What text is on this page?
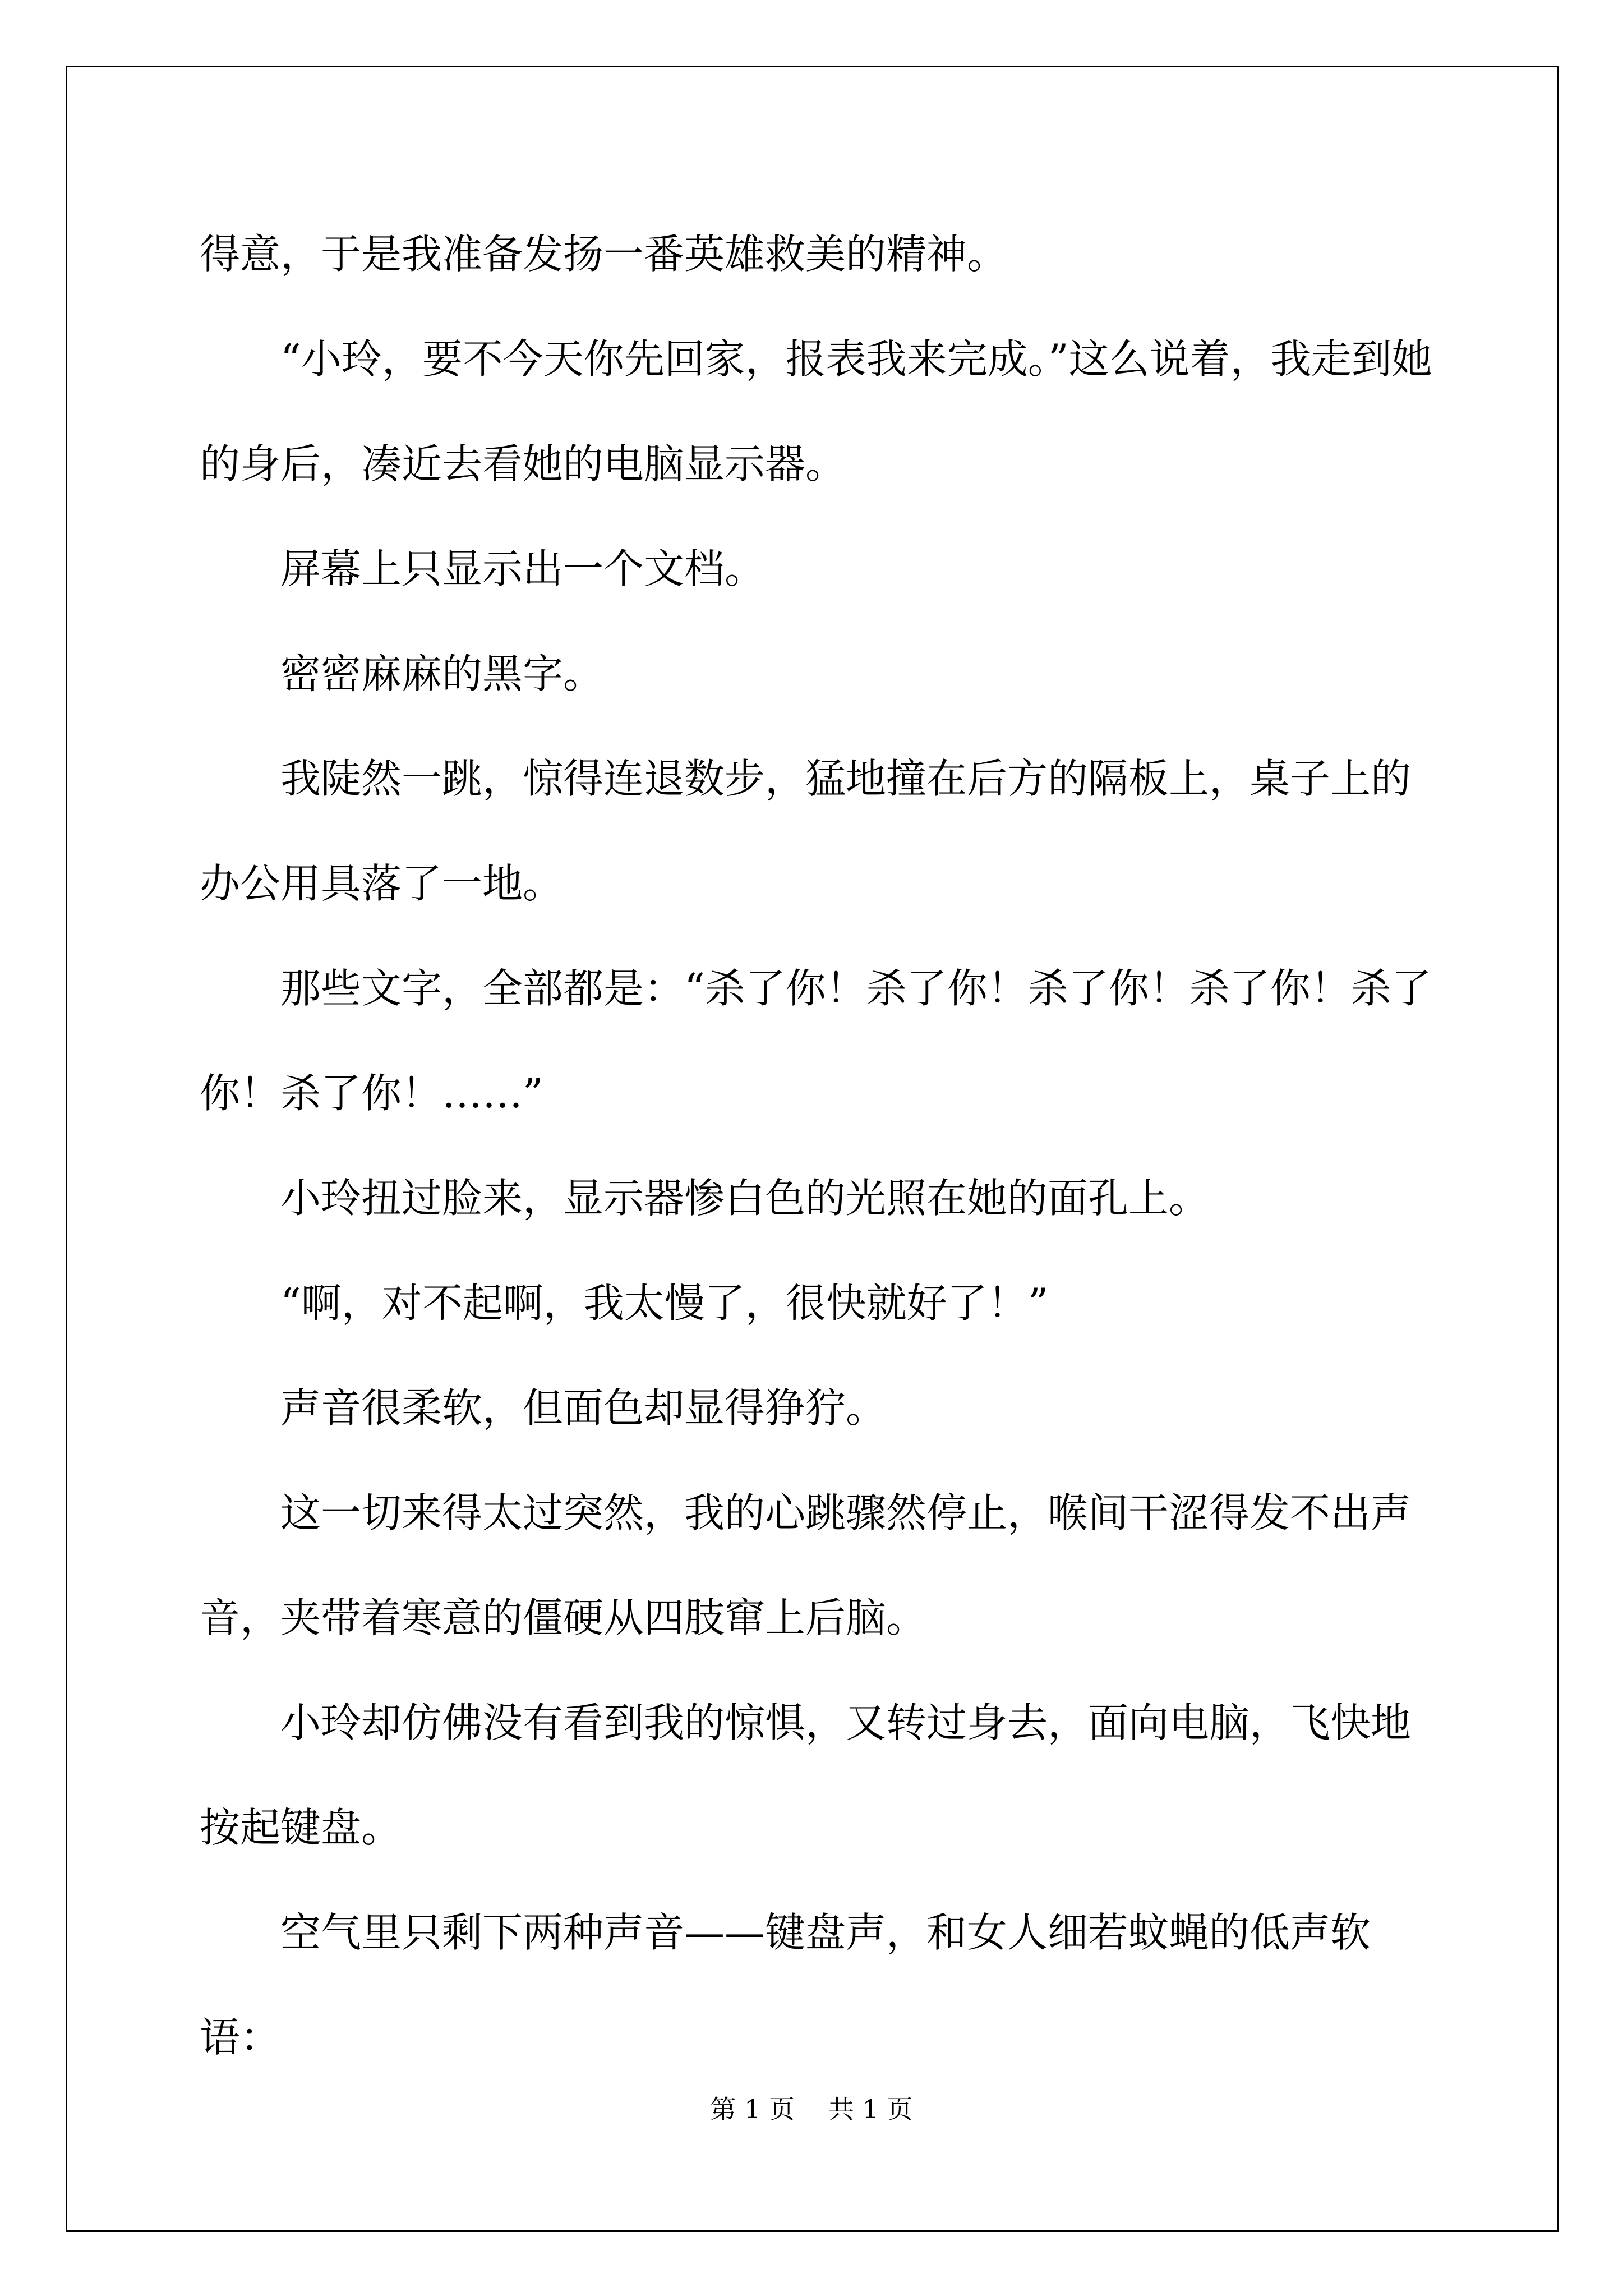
得意，于是我准备发扬一番英雄救美的精神。

“小玲，要不今天你先回家，报表我来完成。”这么说着，我走到她的身后，凑近去看她的电脑显示器。

屏幕上只显示出一个文档。

密密麻麻的黑字。

我陡然一跳，惊得连退数步，猛地撞在后方的隔板上，桌子上的办公用具落了一地。

那些文字，全部都是：“杀了你！杀了你！杀了你！杀了你！杀了你！杀了你！……”

小玲扭过脸来，显示器惨白色的光照在她的面孔上。

“啊，对不起啊，我太慢了，很快就好了！”

声音很柔软，但面色却显得狰狞。

这一切来得太过突然，我的心跳骤然停止，喉间干涩得发不出声音，夹带着寒意的僵硬从四肢窜上后脑。

小玲却仿佛没有看到我的惊惧，又转过身去，面向电脑，飞快地按起键盘。

空气里只剩下两种声音——键盘声，和女人细若蚊蝇的低声软语：

第 1 页 共 1 页
